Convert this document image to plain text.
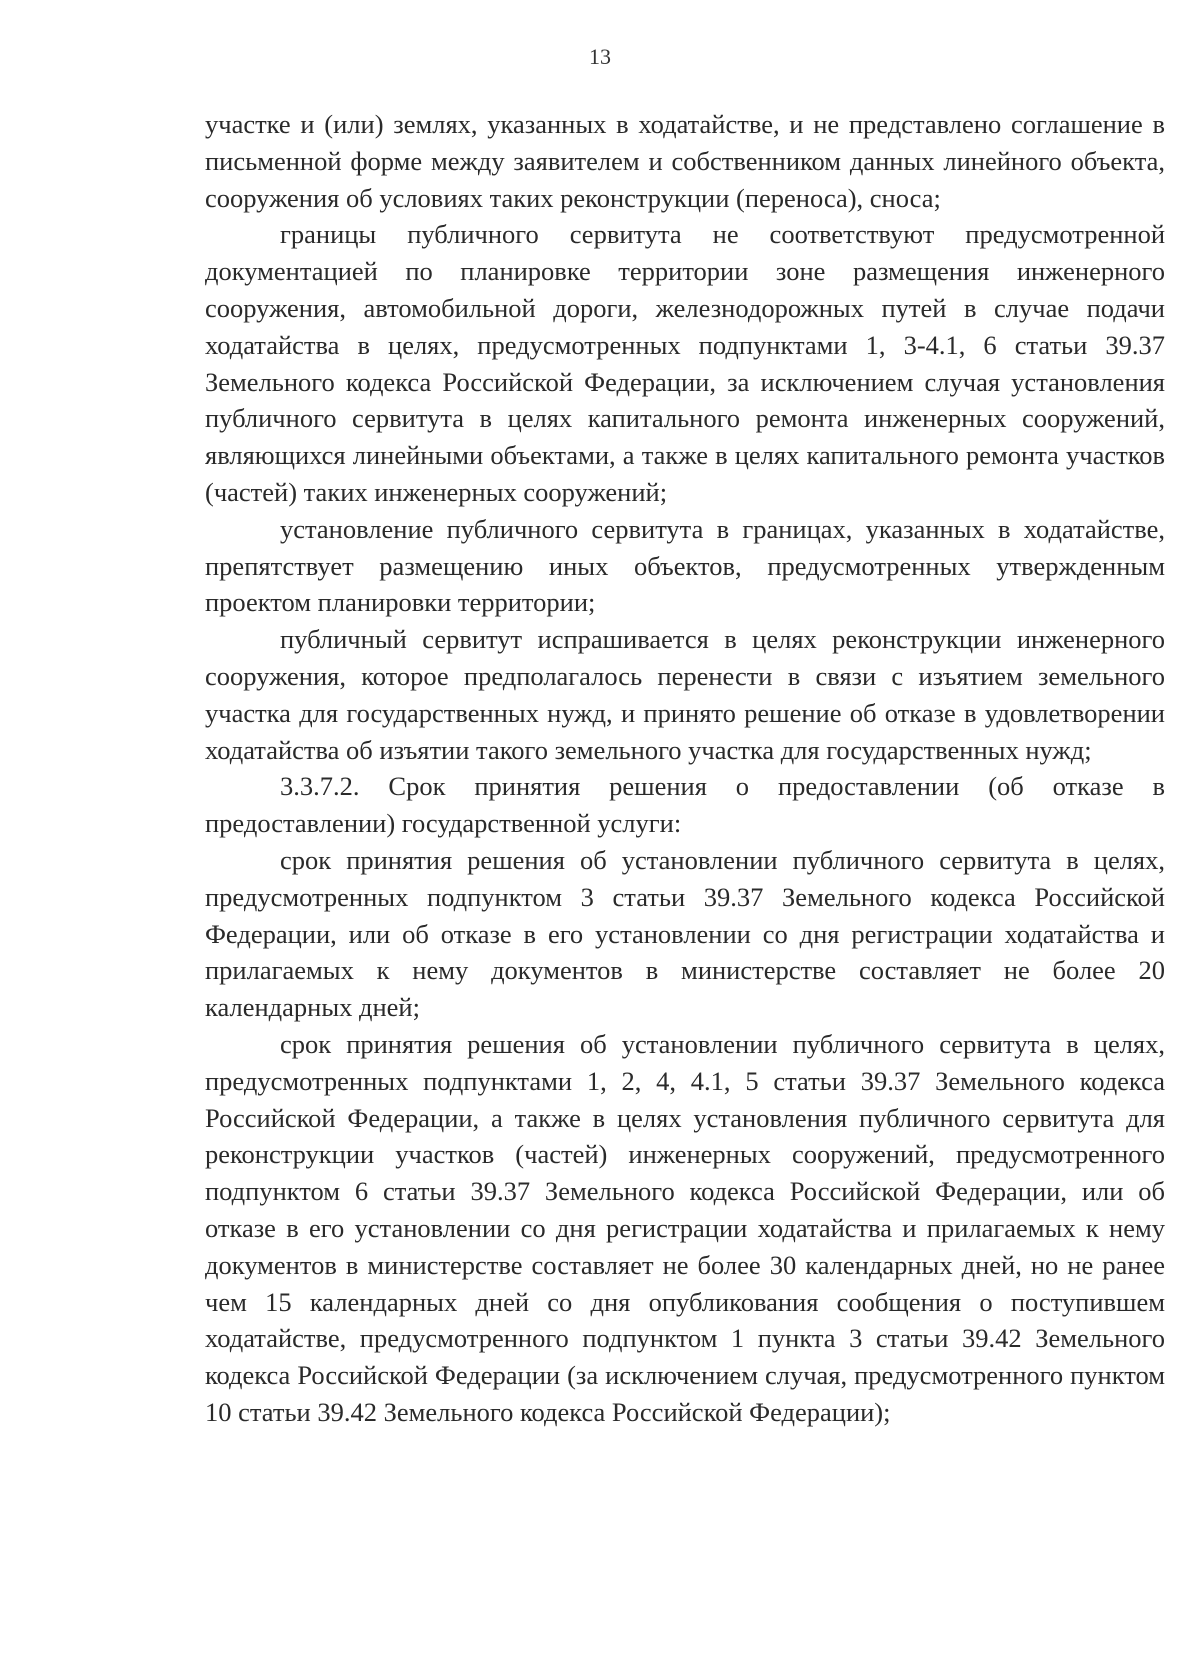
13

участке и (или) землях, указанных в ходатайстве, и не представлено соглашение в письменной форме между заявителем и собственником данных линейного объекта, сооружения об условиях таких реконструкции (переноса), сноса;

границы публичного сервитута не соответствуют предусмотренной документацией по планировке территории зоне размещения инженерного сооружения, автомобильной дороги, железнодорожных путей в случае подачи ходатайства в целях, предусмотренных подпунктами 1, 3-4.1, 6 статьи 39.37 Земельного кодекса Российской Федерации, за исключением случая установления публичного сервитута в целях капитального ремонта инженерных сооружений, являющихся линейными объектами, а также в целях капитального ремонта участков (частей) таких инженерных сооружений;

установление публичного сервитута в границах, указанных в ходатайстве, препятствует размещению иных объектов, предусмотренных утвержденным проектом планировки территории;

публичный сервитут испрашивается в целях реконструкции инженерного сооружения, которое предполагалось перенести в связи с изъятием земельного участка для государственных нужд, и принято решение об отказе в удовлетворении ходатайства об изъятии такого земельного участка для государственных нужд;

3.3.7.2. Срок принятия решения о предоставлении (об отказе в предоставлении) государственной услуги:

срок принятия решения об установлении публичного сервитута в целях, предусмотренных подпунктом 3 статьи 39.37 Земельного кодекса Российской Федерации, или об отказе в его установлении со дня регистрации ходатайства и прилагаемых к нему документов в министерстве составляет не более 20 календарных дней;

срок принятия решения об установлении публичного сервитута в целях, предусмотренных подпунктами 1, 2, 4, 4.1, 5 статьи 39.37 Земельного кодекса Российской Федерации, а также в целях установления публичного сервитута для реконструкции участков (частей) инженерных сооружений, предусмотренного подпунктом 6 статьи 39.37 Земельного кодекса Российской Федерации, или об отказе в его установлении со дня регистрации ходатайства и прилагаемых к нему документов в министерстве составляет не более 30 календарных дней, но не ранее чем 15 календарных дней со дня опубликования сообщения о поступившем ходатайстве, предусмотренного подпунктом 1 пункта 3 статьи 39.42 Земельного кодекса Российской Федерации (за исключением случая, предусмотренного пунктом 10 статьи 39.42 Земельного кодекса Российской Федерации);
